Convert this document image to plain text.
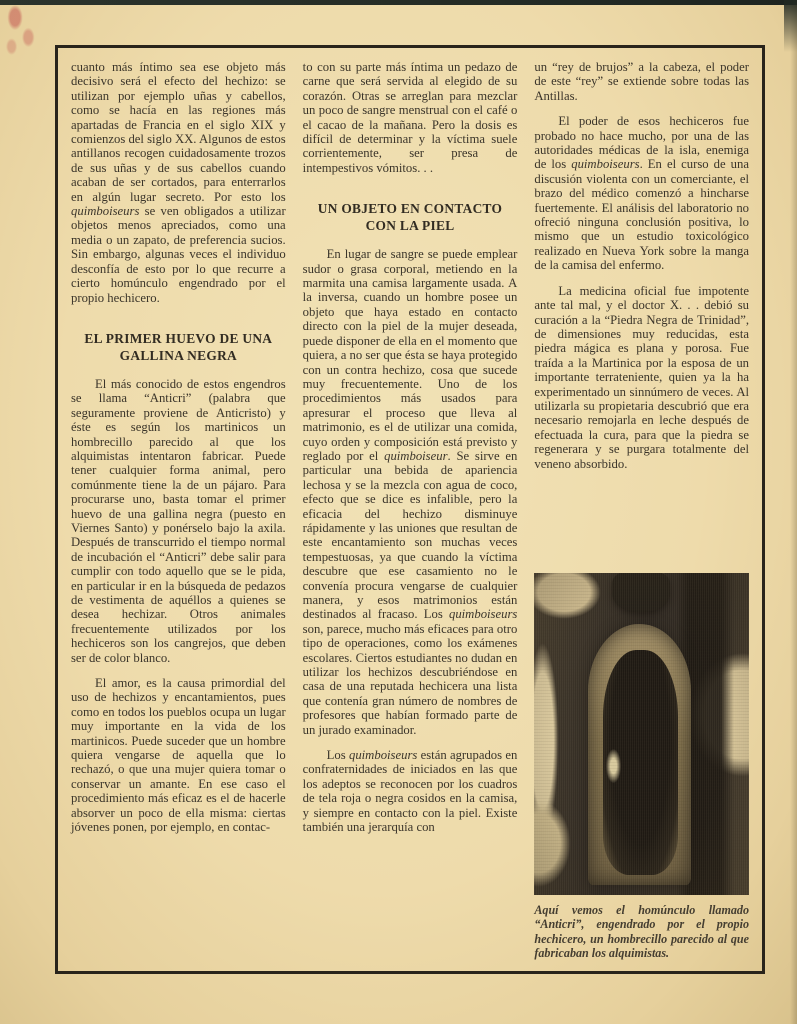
cuanto más íntimo sea ese objeto más decisivo será el efecto del hechizo: se utilizan por ejemplo uñas y cabellos, como se hacía en las regiones más apartadas de Francia en el siglo XIX y comienzos del siglo XX. Algunos de estos antillanos recogen cuidadosamente trozos de sus uñas y de sus cabellos cuando acaban de ser cortados, para enterrarlos en algún lugar secreto. Por esto los quimboiseurs se ven obligados a utilizar objetos menos apreciados, como una media o un zapato, de preferencia sucios. Sin embargo, algunas veces el individuo desconfía de esto por lo que recurre a cierto homúnculo engendrado por el propio hechicero.

EL PRIMER HUEVO DE UNA GALLINA NEGRA

El más conocido de estos engendros se llama “Anticri” (palabra que seguramente proviene de Anticristo) y éste es según los martinicos un hombrecillo parecido al que los alquimistas intentaron fabricar. Puede tener cualquier forma animal, pero comúnmente tiene la de un pájaro. Para procurarse uno, basta tomar el primer huevo de una gallina negra (puesto en Viernes Santo) y ponérselo bajo la axila. Después de transcurrido el tiempo normal de incubación el “Anticri” debe salir para cumplir con todo aquello que se le pida, en particular ir en la búsqueda de pedazos de vestimenta de aquéllos a quienes se desea hechizar. Otros animales frecuentemente utilizados por los hechiceros son los cangrejos, que deben ser de color blanco.

El amor, es la causa primordial del uso de hechizos y encantamientos, pues como en todos los pueblos ocupa un lugar muy importante en la vida de los martinicos. Puede suceder que un hombre quiera vengarse de aquella que lo rechazó, o que una mujer quiera tomar o conservar un amante. En ese caso el procedimiento más eficaz es el de hacerle absorver un poco de ella misma: ciertas jóvenes ponen, por ejemplo, en contac-

to con su parte más íntima un pedazo de carne que será servida al elegido de su corazón. Otras se arreglan para mezclar un poco de sangre menstrual con el café o el cacao de la mañana. Pero la dosis es difícil de determinar y la víctima suele corrientemente, ser presa de intempestivos vómitos. . .

UN OBJETO EN CONTACTO CON LA PIEL

En lugar de sangre se puede emplear sudor o grasa corporal, metiendo en la marmita una camisa largamente usada. A la inversa, cuando un hombre posee un objeto que haya estado en contacto directo con la piel de la mujer deseada, puede disponer de ella en el momento que quiera, a no ser que ésta se haya protegido con un contra hechizo, cosa que sucede muy frecuentemente. Uno de los procedimientos más usados para apresurar el proceso que lleva al matrimonio, es el de utilizar una comida, cuyo orden y composición está previsto y reglado por el quimboiseur. Se sirve en particular una bebida de apariencia lechosa y se la mezcla con agua de coco, efecto que se dice es infalible, pero la eficacia del hechizo disminuye rápidamente y las uniones que resultan de este encantamiento son muchas veces tempestuosas, ya que cuando la víctima descubre que ese casamiento no le convenía procura vengarse de cualquier manera, y esos matrimonios están destinados al fracaso. Los quimboiseurs son, parece, mucho más eficaces para otro tipo de operaciones, como los exámenes escolares. Ciertos estudiantes no dudan en utilizar los hechizos descubriéndose en casa de una reputada hechicera una lista que contenía gran número de nombres de profesores que habían formado parte de un jurado examinador.

Los quimboiseurs están agrupados en confraternidades de iniciados en las que los adeptos se reconocen por los cuadros de tela roja o negra cosidos en la camisa, y siempre en contacto con la piel. Existe también una jerarquía con

un “rey de brujos” a la cabeza, el poder de este “rey” se extiende sobre todas las Antillas.

El poder de esos hechiceros fue probado no hace mucho, por una de las autoridades médicas de la isla, enemiga de los quimboiseurs. En el curso de una discusión violenta con un comerciante, el brazo del médico comenzó a hincharse fuertemente. El análisis del laboratorio no ofreció ninguna conclusión positiva, lo mismo que un estudio toxicológico realizado en Nueva York sobre la manga de la camisa del enfermo.

La medicina oficial fue impotente ante tal mal, y el doctor X. . . debió su curación a la “Piedra Negra de Trinidad”, de dimensiones muy reducidas, esta piedra mágica es plana y porosa. Fue traída a la Martinica por la esposa de un importante terrateniente, quien ya la ha experimentado un sinnúmero de veces. Al utilizarla su propietaria descubrió que era necesario remojarla en leche después de efectuada la cura, para que la piedra se regenerara y se purgara totalmente del veneno absorbido.

Aquí vemos el homúnculo llamado “Anticri”, engendrado por el propio hechicero, un hombrecillo parecido al que fabricaban los alquimistas.
